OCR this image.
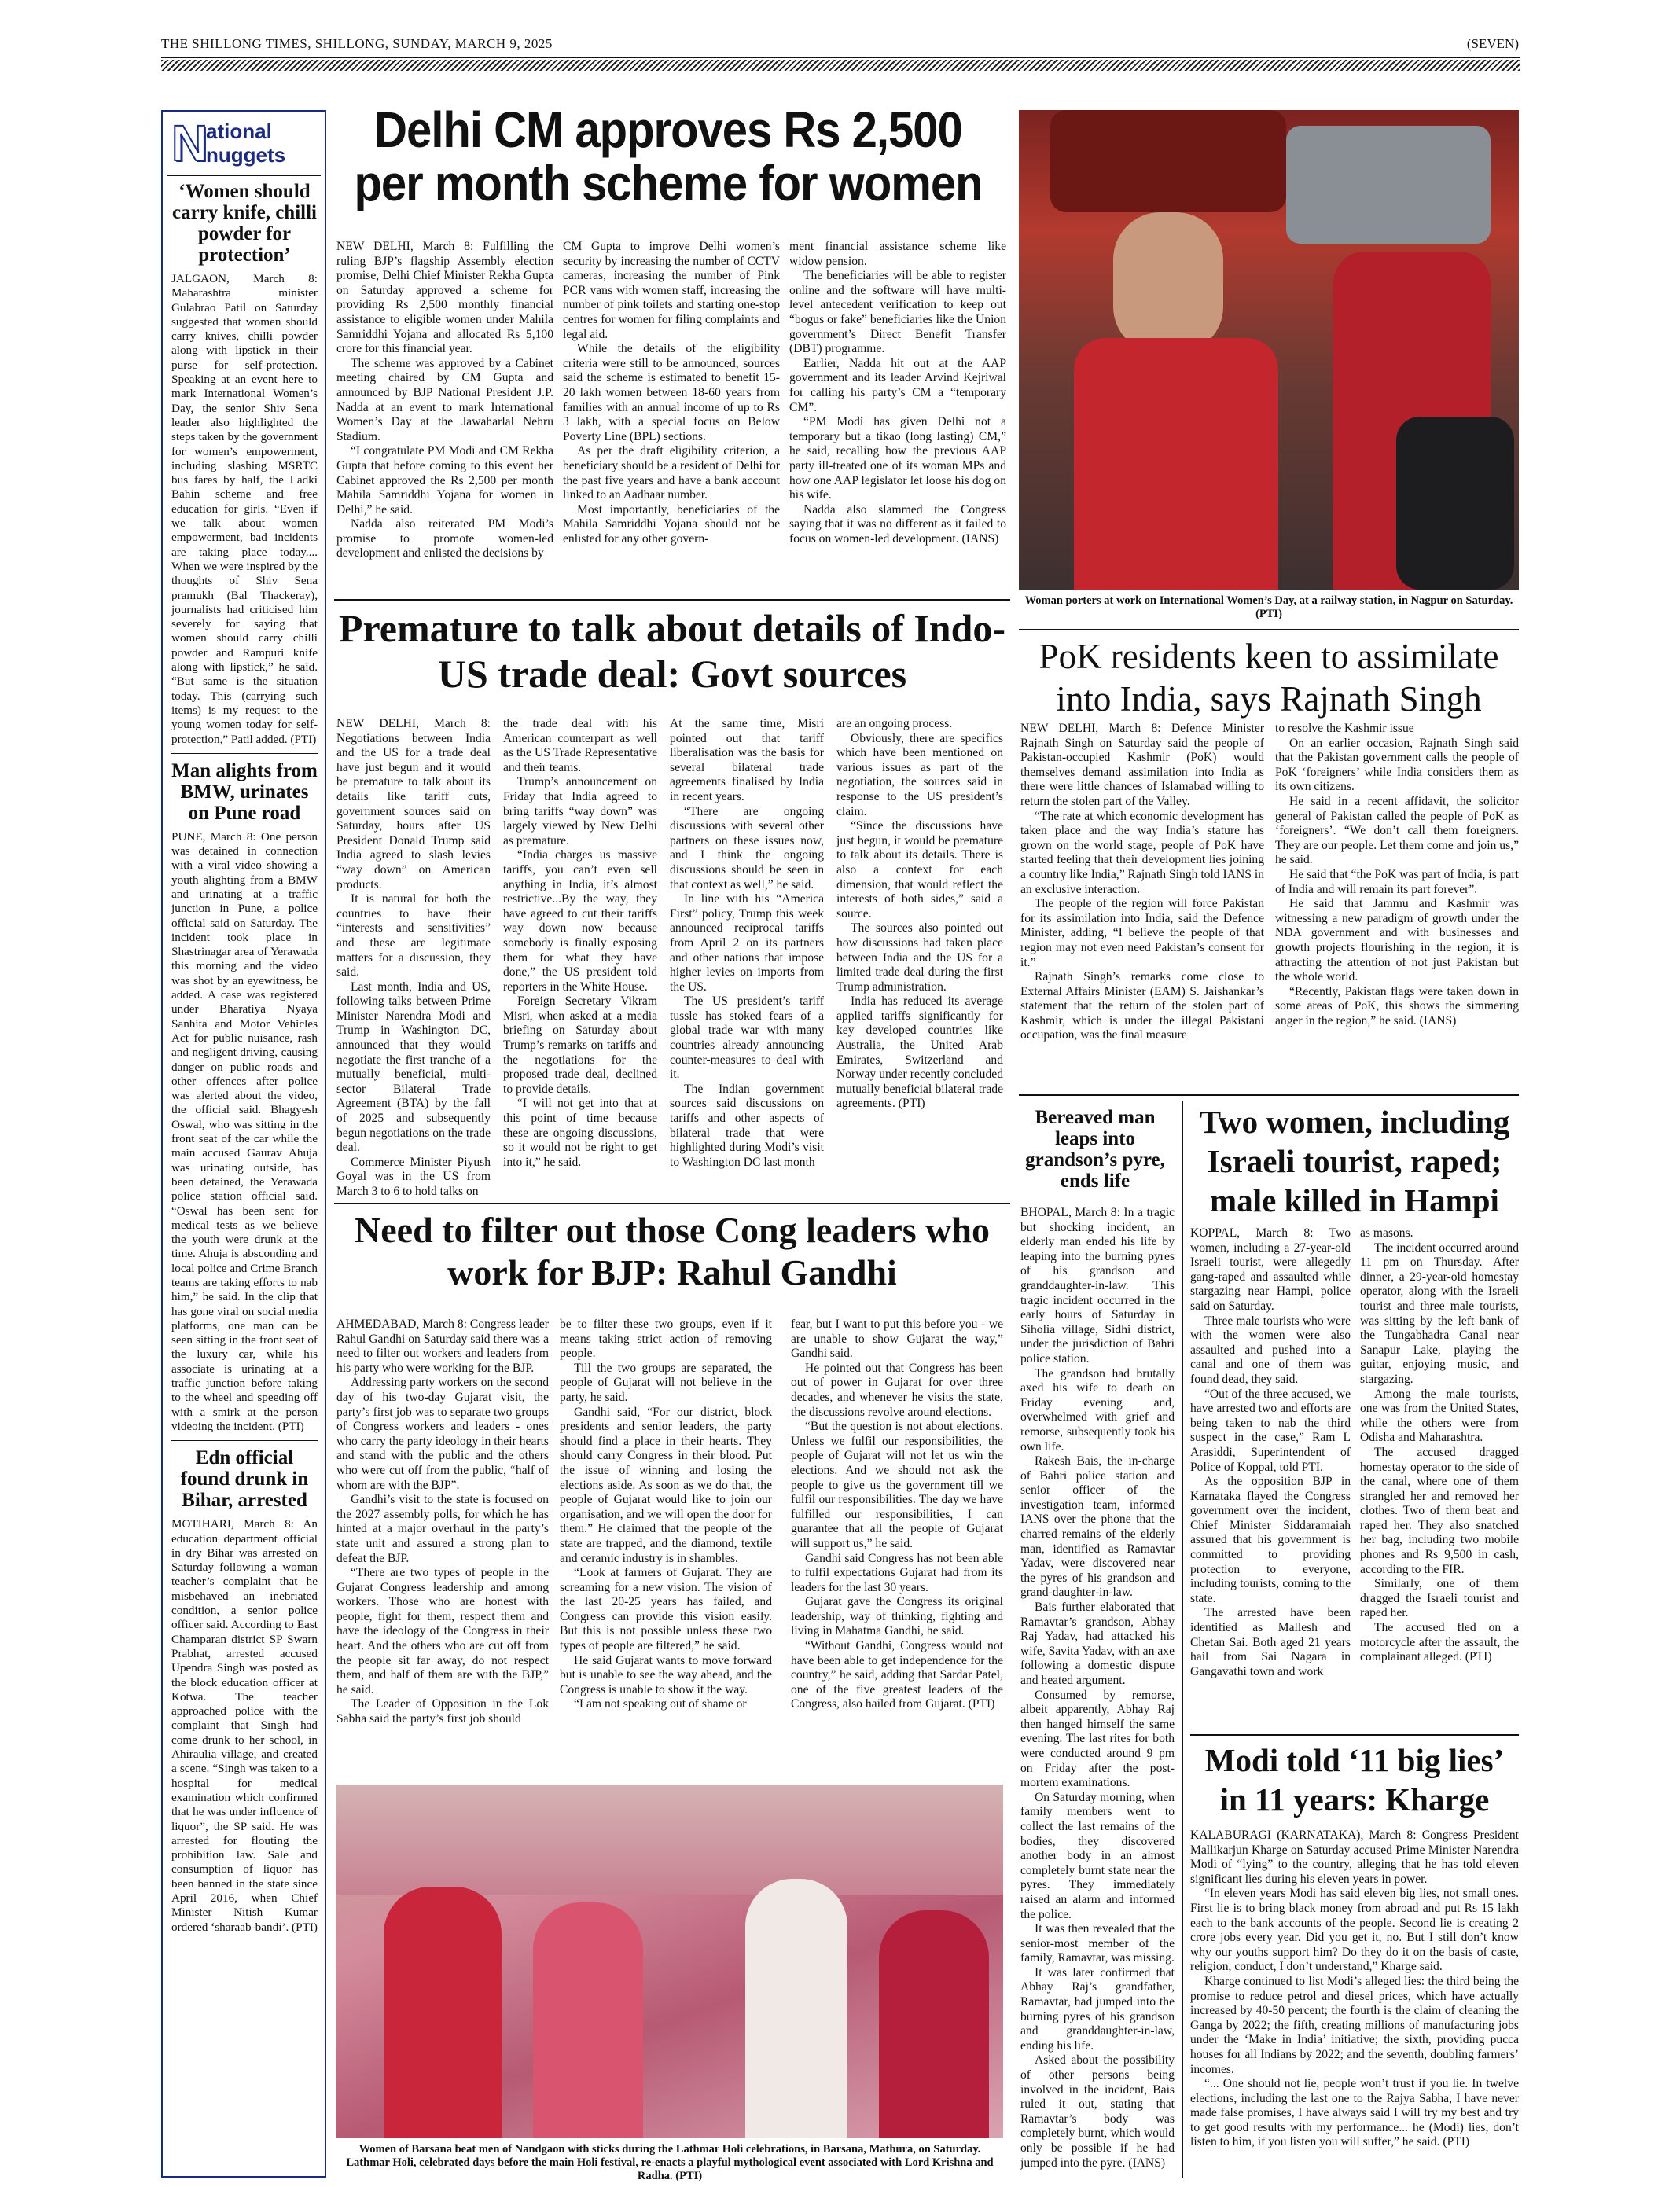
THE SHILLONG TIMES, SHILLONG, SUNDAY, MARCH 9, 2025	(SEVEN)
N
ational
nuggets
‘Women should carry knife, chilli powder for protection’

JALGAON, March 8: Maharashtra minister Gulabrao Patil on Saturday suggested that women should carry knives, chilli powder along with lipstick in their purse for self-protection. Speaking at an event here to mark International Women’s Day, the senior Shiv Sena leader also highlighted the steps taken by the government for women’s empowerment, including slashing MSRTC bus fares by half, the Ladki Bahin scheme and free education for girls. “Even if we talk about women empowerment, bad incidents are taking place today.... When we were inspired by the thoughts of Shiv Sena pramukh (Bal Thackeray), journalists had criticised him severely for saying that women should carry chilli powder and Rampuri knife along with lipstick,” he said. “But same is the situation today. This (carrying such items) is my request to the young women today for self-protection,” Patil added. (PTI)

Man alights from BMW, urinates on Pune road

PUNE, March 8: One person was detained in connection with a viral video showing a youth alighting from a BMW and urinating at a traffic junction in Pune, a police official said on Saturday. The incident took place in Shastrinagar area of Yerawada this morning and the video was shot by an eyewitness, he added. A case was registered under Bharatiya Nyaya Sanhita and Motor Vehicles Act for public nuisance, rash and negligent driving, causing danger on public roads and other offences after police was alerted about the video, the official said. Bhagyesh Oswal, who was sitting in the front seat of the car while the main accused Gaurav Ahuja was urinating outside, has been detained, the Yerawada police station official said. “Oswal has been sent for medical tests as we believe the youth were drunk at the time. Ahuja is absconding and local police and Crime Branch teams are taking efforts to nab him,” he said. In the clip that has gone viral on social media platforms, one man can be seen sitting in the front seat of the luxury car, while his associate is urinating at a traffic junction before taking to the wheel and speeding off with a smirk at the person videoing the incident. (PTI)

Edn official found drunk in Bihar, arrested

MOTIHARI, March 8: An education department official in dry Bihar was arrested on Saturday following a woman teacher’s complaint that he misbehaved an inebriated condition, a senior police officer said. According to East Champaran district SP Swarn Prabhat, arrested accused Upendra Singh was posted as the block education officer at Kotwa. The teacher approached police with the complaint that Singh had come drunk to her school, in Ahiraulia village, and created a scene. “Singh was taken to a hospital for medical examination which confirmed that he was under influence of liquor”, the SP said. He was arrested for flouting the prohibition law. Sale and consumption of liquor has been banned in the state since April 2016, when Chief Minister Nitish Kumar ordered ‘sharaab-bandi’. (PTI)

Delhi CM approves Rs 2,500 per month scheme for women

NEW DELHI, March 8: Fulfilling the ruling BJP’s flagship Assembly election promise, Delhi Chief Minister Rekha Gupta on Saturday approved a scheme for providing Rs 2,500 monthly financial assistance to eligible women under Mahila Samriddhi Yojana and allocated Rs 5,100 crore for this financial year.

The scheme was approved by a Cabinet meeting chaired by CM Gupta and announced by BJP National President J.P. Nadda at an event to mark International Women’s Day at the Jawaharlal Nehru Stadium.

“I congratulate PM Modi and CM Rekha Gupta that before coming to this event her Cabinet approved the Rs 2,500 per month Mahila Samriddhi Yojana for women in Delhi,” he said.

Nadda also reiterated PM Modi’s promise to promote women-led development and enlisted the decisions by

CM Gupta to improve Delhi women’s security by increasing the number of CCTV cameras, increasing the number of Pink PCR vans with women staff, increasing the number of pink toilets and starting one-stop centres for women for filing complaints and legal aid.

While the details of the eligibility criteria were still to be announced, sources said the scheme is estimated to benefit 15-20 lakh women between 18-60 years from families with an annual income of up to Rs 3 lakh, with a special focus on Below Poverty Line (BPL) sections.

As per the draft eligibility criterion, a beneficiary should be a resident of Delhi for the past five years and have a bank account linked to an Aadhaar number.

Most importantly, beneficiaries of the Mahila Samriddhi Yojana should not be enlisted for any other govern-

ment financial assistance scheme like widow pension.

The beneficiaries will be able to register online and the software will have multi-level antecedent verification to keep out “bogus or fake” beneficiaries like the Union government’s Direct Benefit Transfer (DBT) programme.

Earlier, Nadda hit out at the AAP government and its leader Arvind Kejriwal for calling his party’s CM a “temporary CM”.

“PM Modi has given Delhi not a temporary but a tikao (long lasting) CM,” he said, recalling how the previous AAP party ill-treated one of its woman MPs and how one AAP legislator let loose his dog on his wife.

Nadda also slammed the Congress saying that it was no different as it failed to focus on women-led development. (IANS)

Woman porters at work on International Women’s Day, at a railway station, in Nagpur on Saturday. (PTI)
Premature to talk about details of Indo-US trade deal: Govt sources

NEW DELHI, March 8: Negotiations between India and the US for a trade deal have just begun and it would be premature to talk about its details like tariff cuts, government sources said on Saturday, hours after US President Donald Trump said India agreed to slash levies “way down” on American products.

It is natural for both the countries to have their “interests and sensitivities” and these are legitimate matters for a discussion, they said.

Last month, India and US, following talks between Prime Minister Narendra Modi and Trump in Washington DC, announced that they would negotiate the first tranche of a mutually beneficial, multi-sector Bilateral Trade Agreement (BTA) by the fall of 2025 and subsequently begun negotiations on the trade deal.

Commerce Minister Piyush Goyal was in the US from March 3 to 6 to hold talks on

the trade deal with his American counterpart as well as the US Trade Representative and their teams.

Trump’s announcement on Friday that India agreed to bring tariffs “way down” was largely viewed by New Delhi as premature.

“India charges us massive tariffs, you can’t even sell anything in India, it’s almost restrictive...By the way, they have agreed to cut their tariffs way down now because somebody is finally exposing them for what they have done,” the US president told reporters in the White House.

Foreign Secretary Vikram Misri, when asked at a media briefing on Saturday about Trump’s remarks on tariffs and the negotiations for the proposed trade deal, declined to provide details.

“I will not get into that at this point of time because these are ongoing discussions, so it would not be right to get into it,” he said.

At the same time, Misri pointed out that tariff liberalisation was the basis for several bilateral trade agreements finalised by India in recent years.

“There are ongoing discussions with several other partners on these issues now, and I think the ongoing discussions should be seen in that context as well,” he said.

In line with his “America First” policy, Trump this week announced reciprocal tariffs from April 2 on its partners and other nations that impose higher levies on imports from the US.

The US president’s tariff tussle has stoked fears of a global trade war with many countries already announcing counter-measures to deal with it.

The Indian government sources said discussions on tariffs and other aspects of bilateral trade that were highlighted during Modi’s visit to Washington DC last month

are an ongoing process.

Obviously, there are specifics which have been mentioned on various issues as part of the negotiation, the sources said in response to the US president’s claim.

“Since the discussions have just begun, it would be premature to talk about its details. There is also a context for each dimension, that would reflect the interests of both sides,” said a source.

The sources also pointed out how discussions had taken place between India and the US for a limited trade deal during the first Trump administration.

India has reduced its average applied tariffs significantly for key developed countries like Australia, the United Arab Emirates, Switzerland and Norway under recently concluded mutually beneficial bilateral trade agreements. (PTI)

PoK residents keen to assimilate into India, says Rajnath Singh

NEW DELHI, March 8: Defence Minister Rajnath Singh on Saturday said the people of Pakistan-occupied Kashmir (PoK) would themselves demand assimilation into India as there were little chances of Islamabad willing to return the stolen part of the Valley.

“The rate at which economic development has taken place and the way India’s stature has grown on the world stage, people of PoK have started feeling that their development lies joining a country like India,” Rajnath Singh told IANS in an exclusive interaction.

The people of the region will force Pakistan for its assimilation into India, said the Defence Minister, adding, “I believe the people of that region may not even need Pakistan’s consent for it.”

Rajnath Singh’s remarks come close to External Affairs Minister (EAM) S. Jaishankar’s statement that the return of the stolen part of Kashmir, which is under the illegal Pakistani occupation, was the final measure

to resolve the Kashmir issue

On an earlier occasion, Rajnath Singh said that the Pakistan government calls the people of PoK ‘foreigners’ while India considers them as its own citizens.

He said in a recent affidavit, the solicitor general of Pakistan called the people of PoK as ‘foreigners’. “We don’t call them foreigners. They are our people. Let them come and join us,” he said.

He said that “the PoK was part of India, is part of India and will remain its part forever”.

He said that Jammu and Kashmir was witnessing a new paradigm of growth under the NDA government and with businesses and growth projects flourishing in the region, it is attracting the attention of not just Pakistan but the whole world.

“Recently, Pakistan flags were taken down in some areas of PoK, this shows the simmering anger in the region,” he said. (IANS)

Need to filter out those Cong leaders who work for BJP: Rahul Gandhi

AHMEDABAD, March 8: Congress leader Rahul Gandhi on Saturday said there was a need to filter out workers and leaders from his party who were working for the BJP.

Addressing party workers on the second day of his two-day Gujarat visit, the party’s first job was to separate two groups of Congress workers and leaders - ones who carry the party ideology in their hearts and stand with the public and the others who were cut off from the public, “half of whom are with the BJP”.

Gandhi’s visit to the state is focused on the 2027 assembly polls, for which he has hinted at a major overhaul in the party’s state unit and assured a strong plan to defeat the BJP.

“There are two types of people in the Gujarat Congress leadership and among workers. Those who are honest with people, fight for them, respect them and have the ideology of the Congress in their heart. And the others who are cut off from the people sit far away, do not respect them, and half of them are with the BJP,” he said.

The Leader of Opposition in the Lok Sabha said the party’s first job should

be to filter these two groups, even if it means taking strict action of removing people.

Till the two groups are separated, the people of Gujarat will not believe in the party, he said.

Gandhi said, “For our district, block presidents and senior leaders, the party should find a place in their hearts. They should carry Congress in their blood. Put the issue of winning and losing the elections aside. As soon as we do that, the people of Gujarat would like to join our organisation, and we will open the door for them.” He claimed that the people of the state are trapped, and the diamond, textile and ceramic industry is in shambles.

“Look at farmers of Gujarat. They are screaming for a new vision. The vision of the last 20-25 years has failed, and Congress can provide this vision easily. But this is not possible unless these two types of people are filtered,” he said.

He said Gujarat wants to move forward but is unable to see the way ahead, and the Congress is unable to show it the way.

“I am not speaking out of shame or

fear, but I want to put this before you - we are unable to show Gujarat the way,” Gandhi said.

He pointed out that Congress has been out of power in Gujarat for over three decades, and whenever he visits the state, the discussions revolve around elections.

“But the question is not about elections. Unless we fulfil our responsibilities, the people of Gujarat will not let us win the elections. And we should not ask the people to give us the government till we fulfil our responsibilities. The day we have fulfilled our responsibilities, I can guarantee that all the people of Gujarat will support us,” he said.

Gandhi said Congress has not been able to fulfil expectations Gujarat had from its leaders for the last 30 years.

Gujarat gave the Congress its original leadership, way of thinking, fighting and living in Mahatma Gandhi, he said.

“Without Gandhi, Congress would not have been able to get independence for the country,” he said, adding that Sardar Patel, one of the five greatest leaders of the Congress, also hailed from Gujarat. (PTI)

Women of Barsana beat men of Nandgaon with sticks during the Lathmar Holi celebrations, in Barsana, Mathura, on Saturday. Lathmar Holi, celebrated days before the main Holi festival, re-enacts a playful mythological event associated with Lord Krishna and Radha. (PTI)
Bereaved man leaps into grandson’s pyre, ends life

BHOPAL, March 8: In a tragic but shocking incident, an elderly man ended his life by leaping into the burning pyres of his grandson and granddaughter-in-law. This tragic incident occurred in the early hours of Saturday in Siholia village, Sidhi district, under the jurisdiction of Bahri police station.

The grandson had brutally axed his wife to death on Friday evening and, overwhelmed with grief and remorse, subsequently took his own life.

Rakesh Bais, the in-charge of Bahri police station and senior officer of the investigation team, informed IANS over the phone that the charred remains of the elderly man, identified as Ramavtar Yadav, were discovered near the pyres of his grandson and grand-daughter-in-law.

Bais further elaborated that Ramavtar’s grandson, Abhay Raj Yadav, had attacked his wife, Savita Yadav, with an axe following a domestic dispute and heated argument.

Consumed by remorse, albeit apparently, Abhay Raj then hanged himself the same evening. The last rites for both were conducted around 9 pm on Friday after the post-mortem examinations.

On Saturday morning, when family members went to collect the last remains of the bodies, they discovered another body in an almost completely burnt state near the pyres. They immediately raised an alarm and informed the police.

It was then revealed that the senior-most member of the family, Ramavtar, was missing.

It was later confirmed that Abhay Raj’s grandfather, Ramavtar, had jumped into the burning pyres of his grandson and granddaughter-in-law, ending his life.

Asked about the possibility of other persons being involved in the incident, Bais ruled it out, stating that Ramavtar’s body was completely burnt, which would only be possible if he had jumped into the pyre. (IANS)

Two women, including Israeli tourist, raped; male killed in Hampi

KOPPAL, March 8: Two women, including a 27-year-old Israeli tourist, were allegedly gang-raped and assaulted while stargazing near Hampi, police said on Saturday.

Three male tourists who were with the women were also assaulted and pushed into a canal and one of them was found dead, they said.

“Out of the three accused, we have arrested two and efforts are being taken to nab the third suspect in the case,” Ram L Arasiddi, Superintendent of Police of Koppal, told PTI.

As the opposition BJP in Karnataka flayed the Congress government over the incident, Chief Minister Siddaramaiah assured that his government is committed to providing protection to everyone, including tourists, coming to the state.

The arrested have been identified as Mallesh and Chetan Sai. Both aged 21 years hail from Sai Nagara in Gangavathi town and work

as masons.

The incident occurred around 11 pm on Thursday. After dinner, a 29-year-old homestay operator, along with the Israeli tourist and three male tourists, was sitting by the left bank of the Tungabhadra Canal near Sanapur Lake, playing the guitar, enjoying music, and stargazing.

Among the male tourists, one was from the United States, while the others were from Odisha and Maharashtra.

The accused dragged homestay operator to the side of the canal, where one of them strangled her and removed her clothes. Two of them beat and raped her. They also snatched her bag, including two mobile phones and Rs 9,500 in cash, according to the FIR.

Similarly, one of them dragged the Israeli tourist and raped her.

The accused fled on a motorcycle after the assault, the complainant alleged. (PTI)

Modi told ‘11 big lies’ in 11 years: Kharge

KALABURAGI (KARNATAKA), March 8: Congress President Mallikarjun Kharge on Saturday accused Prime Minister Narendra Modi of “lying” to the country, alleging that he has told eleven significant lies during his eleven years in power.

“In eleven years Modi has said eleven big lies, not small ones. First lie is to bring black money from abroad and put Rs 15 lakh each to the bank accounts of the people. Second lie is creating 2 crore jobs every year. Did you get it, no. But I still don’t know why our youths support him? Do they do it on the basis of caste, religion, conduct, I don’t understand,” Kharge said.

Kharge continued to list Modi’s alleged lies: the third being the promise to reduce petrol and diesel prices, which have actually increased by 40-50 percent; the fourth is the claim of cleaning the Ganga by 2022; the fifth, creating millions of manufacturing jobs under the ‘Make in India’ initiative; the sixth, providing pucca houses for all Indians by 2022; and the seventh, doubling farmers’ incomes.

“... One should not lie, people won’t trust if you lie. In twelve elections, including the last one to the Rajya Sabha, I have never made false promises, I have always said I will try my best and try to get good results with my performance... he (Modi) lies, don’t listen to him, if you listen you will suffer,” he said. (PTI)
